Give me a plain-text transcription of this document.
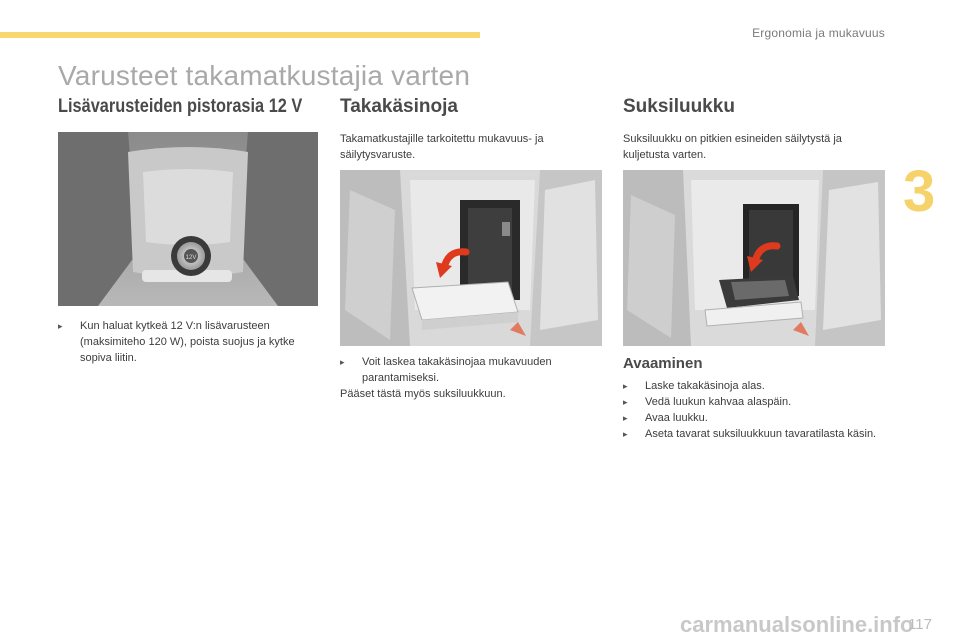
Ergonomia ja mukavuus
3
Varusteet takamatkustajia varten
Lisävarusteiden pistorasia 12 V
12V
▸	Kun haluat kytkeä 12 V:n lisävarusteen (maksimiteho 120 W), poista suojus ja kytke sopiva liitin.
Takakäsinoja

Takamatkustajille tarkoitettu mukavuus- ja säilytysvaruste.

▸	Voit laskea takakäsinojaa mukavuuden parantamiseksi.

Pääset tästä myös suksiluukkuun.

Suksiluukku

Suksiluukku on pitkien esineiden säilytystä ja kuljetusta varten.

Avaaminen
▸	Laske takakäsinoja alas.
▸	Vedä luukun kahvaa alaspäin.
▸	Avaa luukku.
▸	Aseta tavarat suksiluukkuun tavaratilasta käsin.
carmanualsonline.info
117
